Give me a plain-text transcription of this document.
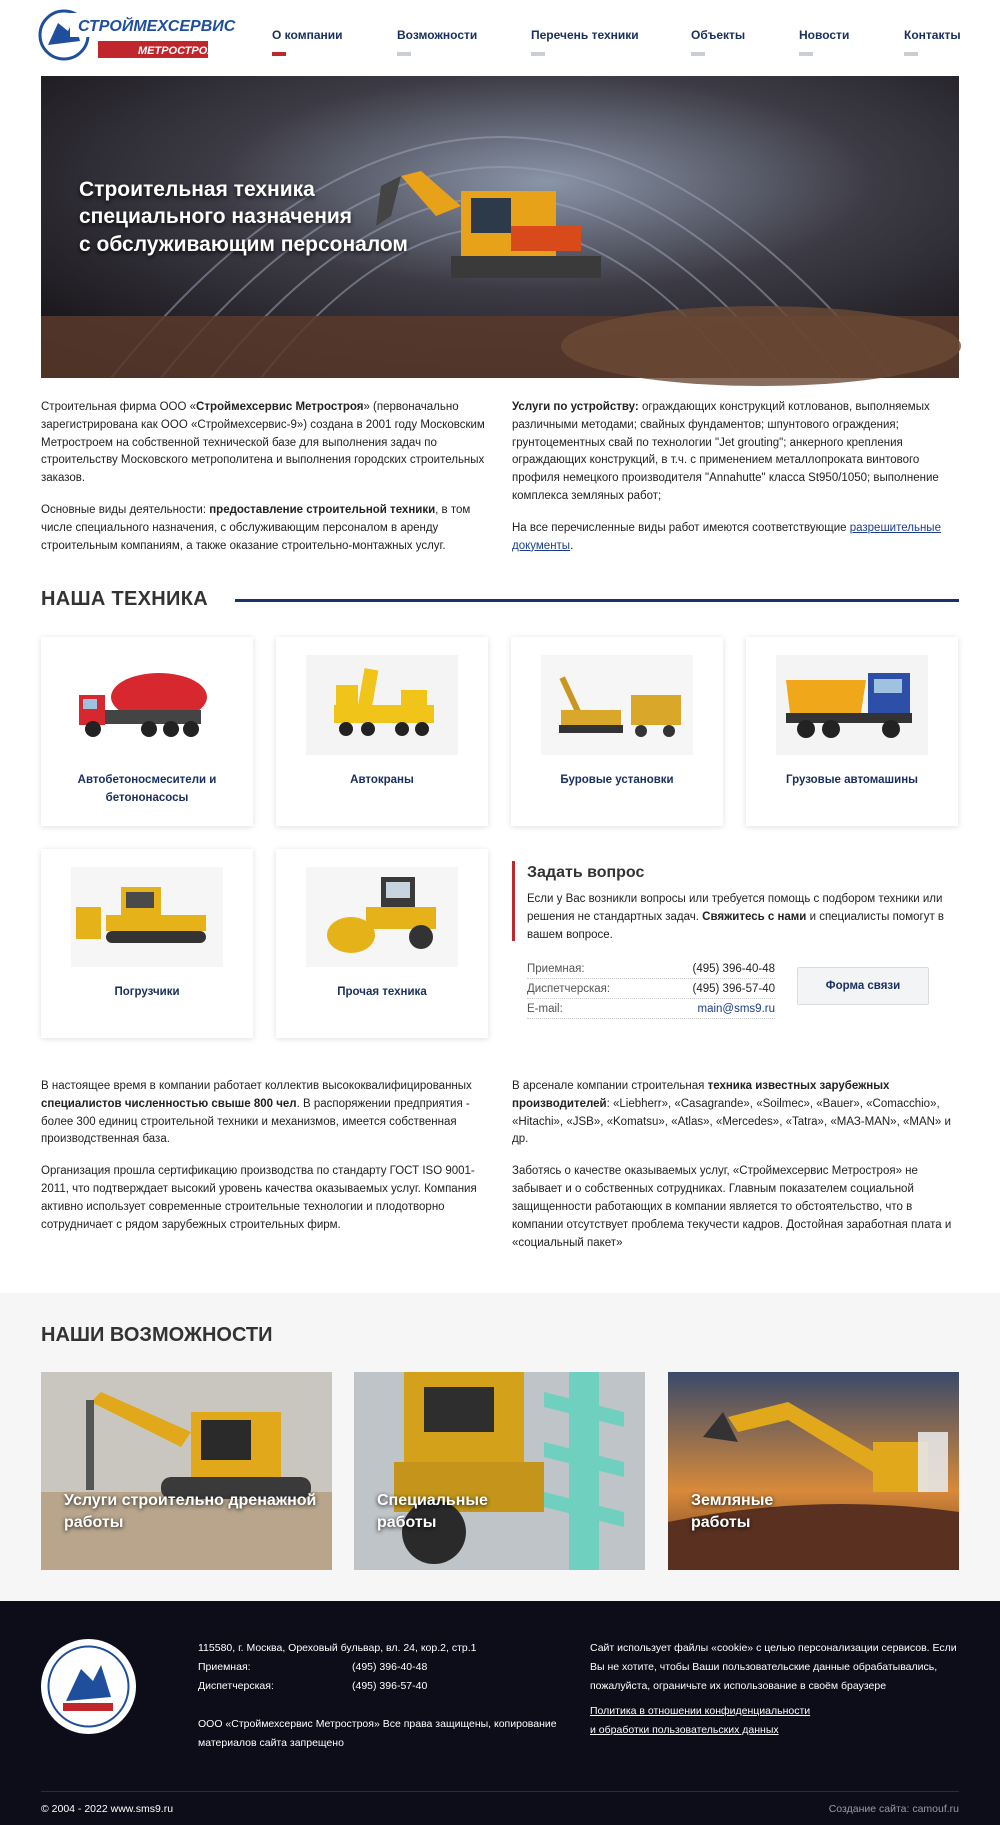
СТРОЙМЕХСЕРВИС
МЕТРОСТРОЯ
О компании	Возможности	Перечень техники	Объекты	Новости	Контакты
Строительная техника
специального назначения
с обслуживающим персоналом

Строительная фирма ООО «Строймехсервис Метростроя» (первоначально зарегистрирована как ООО «Строймехсервис-9») создана в 2001 году Московским Метростроем на собственной технической базе для выполнения задач по строительству Московского метрополитена и выполнения городских строительных заказов.

Основные виды деятельности: предоставление строительной техники, в том числе специального назначения, с обслуживающим персоналом в аренду строительным компаниям, а также оказание строительно-монтажных услуг.

Услуги по устройству: ограждающих конструкций котлованов, выполняемых различными методами; свайных фундаментов; шпунтового ограждения; грунтоцементных свай по технологии "Jet grouting"; анкерного крепления ограждающих конструкций, в т.ч. с применением металлопроката винтового профиля немецкого производителя "Annahutte" класса St950/1050; выполнение комплекса земляных работ;

На все перечисленные виды работ имеются соответствующие разрешительные документы.

НАША ТЕХНИКА
Автобетоносмесители и бетононасосы
Автокраны	Буровые установки	Грузовые автомашины
Погрузчики	Прочая техника
Задать вопрос
Если у Вас возникли вопросы или требуется помощь с подбором техники или решения не стандартных задач. Свяжитесь с нами и специалисты помогут в вашем вопросе.
Приемная:	(495) 396-40-48
Диспетчерская:	(495) 396-57-40
E-mail:	main@sms9.ru
Форма связи

В настоящее время в компании работает коллектив высококвалифицированных специалистов численностью свыше 800 чел. В распоряжении предприятия - более 300 единиц строительной техники и механизмов, имеется собственная производственная база.

Организация прошла сертификацию производства по стандарту ГОСТ ISO 9001-2011, что подтверждает высокий уровень качества оказываемых услуг. Компания активно использует современные строительные технологии и плодотворно сотрудничает с рядом зарубежных строительных фирм.

В арсенале компании строительная техника известных зарубежных производителей: «Liebherr», «Casagrande», «Soilmec», «Bauer», «Comacchio», «Hitachi», «JSB», «Komatsu», «Atlas», «Mercedes», «Tatra», «МАЗ-MAN», «MAN» и др.

Заботясь о качестве оказываемых услуг, «Строймехсервис Метростроя» не забывает и о собственных сотрудниках. Главным показателем социальной защищенности работающих в компании является то обстоятельство, что в компании отсутствует проблема текучести кадров. Достойная заработная плата и «социальный пакет»

НАШИ ВОЗМОЖНОСТИ
Услуги строительно дренажной
работы
Специальные
работы
Земляные
работы
115580, г. Москва, Ореховый бульвар, вл. 24, кор.2, стр.1
Приемная:	(495) 396-40-48
Диспетчерская:	(495) 396-57-40
ООО «Строймехсервис Метростроя» Все права защищены, копирование материалов сайта запрещено
Сайт использует файлы «cookie» с целью персонализации сервисов. Если Вы не хотите, чтобы Ваши пользовательские данные обрабатывались, пожалуйста, ограничьте их использование в своём браузере
Политика в отношении конфиденциальности
и обработки пользовательских данных
© 2004 - 2022 www.sms9.ru	Создание сайта: camouf.ru
